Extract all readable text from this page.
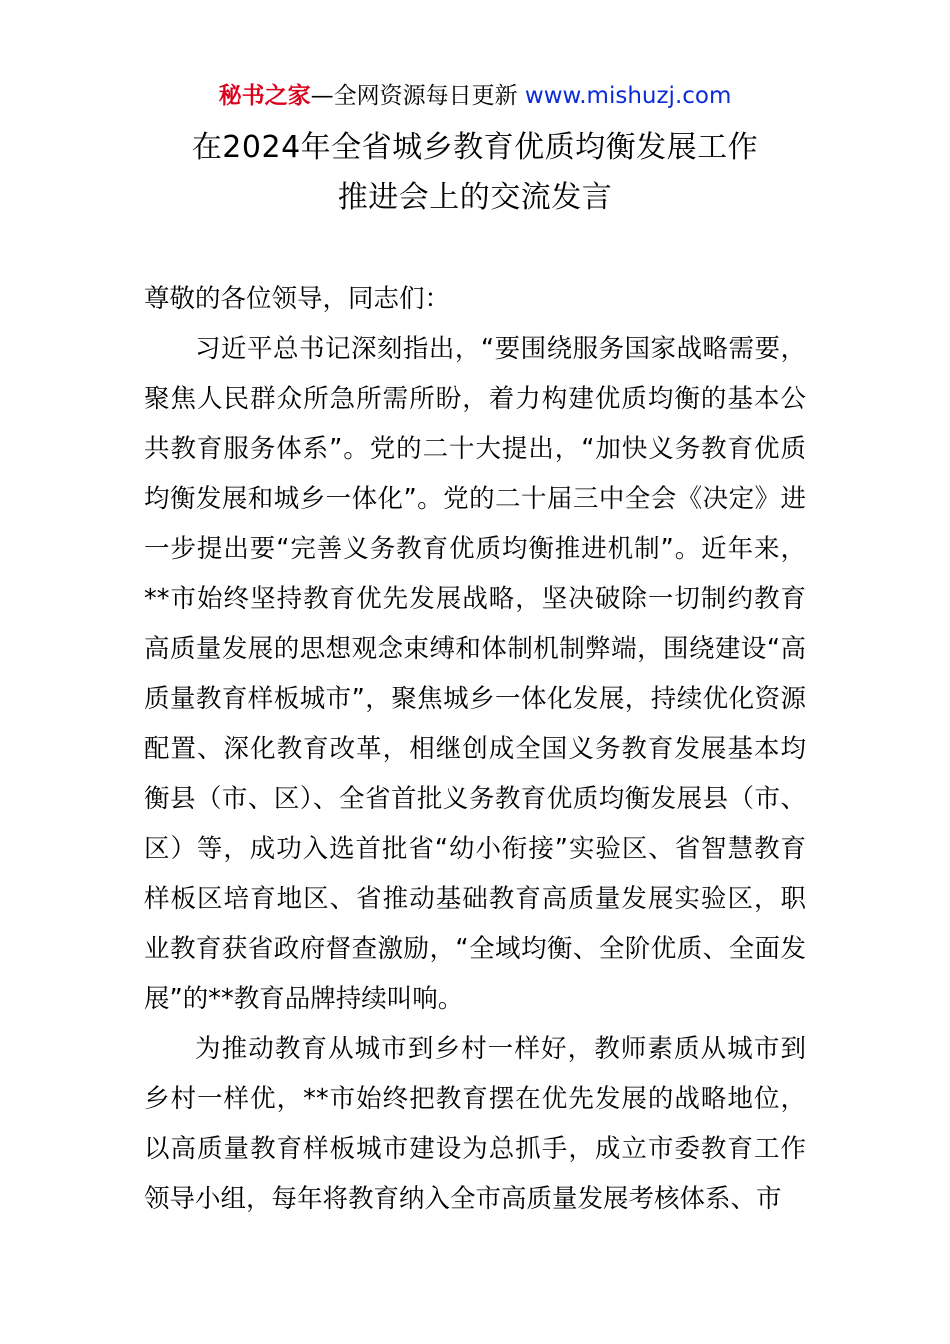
秘书之家—全网资源每日更新 www.mishuzj.com
在2024年全省城乡教育优质均衡发展工作
推进会上的交流发言

尊敬的各位领导，同志们：

习近平总书记深刻指出，“要围绕服务国家战略需要，聚焦人民群众所急所需所盼，着力构建优质均衡的基本公共教育服务体系”。党的二十大提出，“加快义务教育优质均衡发展和城乡一体化”。党的二十届三中全会《决定》进一步提出要“完善义务教育优质均衡推进机制”。近年来，**市始终坚持教育优先发展战略，坚决破除一切制约教育高质量发展的思想观念束缚和体制机制弊端，围绕建设“高质量教育样板城市”，聚焦城乡一体化发展，持续优化资源配置、深化教育改革，相继创成全国义务教育发展基本均衡县（市、区）、全省首批义务教育优质均衡发展县（市、区）等，成功入选首批省“幼小衔接”实验区、省智慧教育样板区培育地区、省推动基础教育高质量发展实验区，职业教育获省政府督查激励，“全域均衡、全阶优质、全面发展”的**教育品牌持续叫响。

为推动教育从城市到乡村一样好，教师素质从城市到乡村一样优，**市始终把教育摆在优先发展的战略地位，以高质量教育样板城市建设为总抓手，成立市委教育工作领导小组，每年将教育纳入全市高质量发展考核体系、市
